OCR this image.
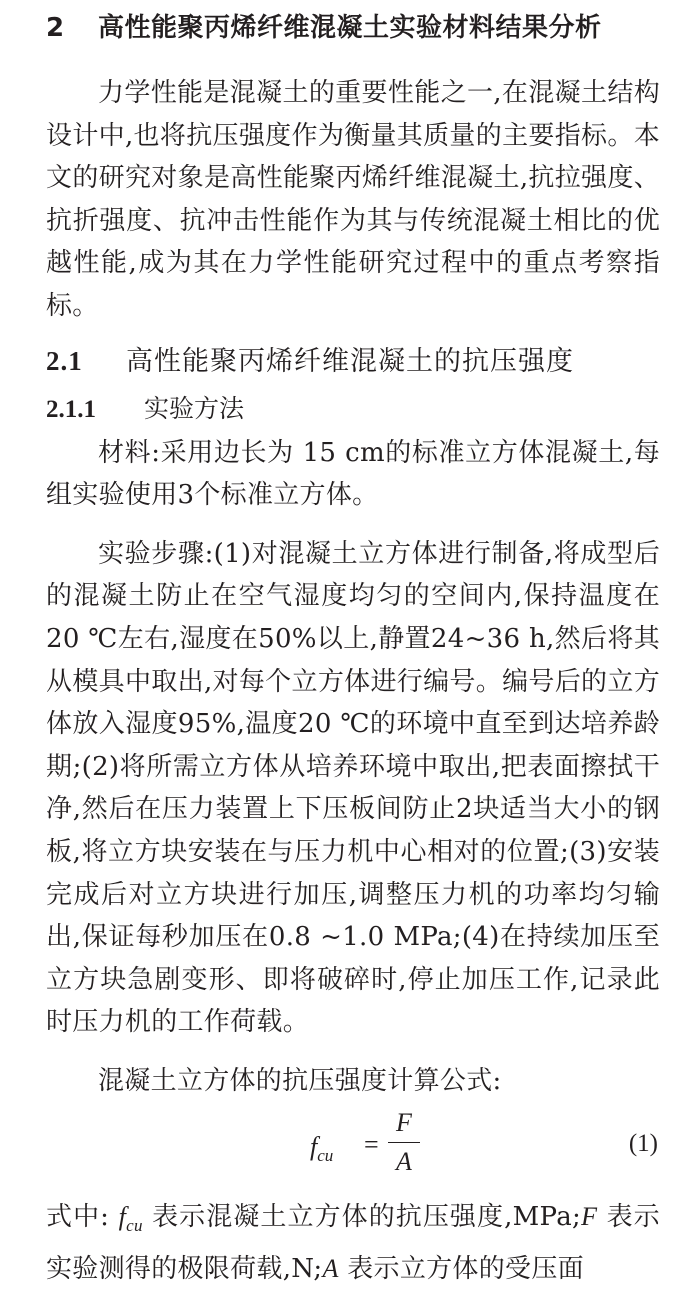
2 高性能聚丙烯纤维混凝土实验材料结果分析

力学性能是混凝土的重要性能之一,在混凝土结构设计中,也将抗压强度作为衡量其质量的主要指标。本文的研究对象是高性能聚丙烯纤维混凝土,抗拉强度、抗折强度、抗冲击性能作为其与传统混凝土相比的优越性能,成为其在力学性能研究过程中的重点考察指标。

2.1 高性能聚丙烯纤维混凝土的抗压强度
2.1.1 实验方法

材料:采用边长为 15 cm的标准立方体混凝土,每组实验使用3个标准立方体。

实验步骤:(1)对混凝土立方体进行制备,将成型后的混凝土防止在空气湿度均匀的空间内,保持温度在20 ℃左右,湿度在50%以上,静置24~36 h,然后将其从模具中取出,对每个立方体进行编号。编号后的立方体放入湿度95%,温度20 ℃的环境中直至到达培养龄期;(2)将所需立方体从培养环境中取出,把表面擦拭干净,然后在压力装置上下压板间防止2块适当大小的钢板,将立方块安装在与压力机中心相对的位置;(3)安装完成后对立方块进行加压,调整压力机的功率均匀输出,保证每秒加压在0.8 ~1.0 MPa;(4)在持续加压至立方块急剧变形、即将破碎时,停止加压工作,记录此时压力机的工作荷载。

混凝土立方体的抗压强度计算公式:

$f_{cu}$ =
F
A
(1)

式中: $f_{cu}$ 表示混凝土立方体的抗压强度,MPa;F 表示实验测得的极限荷载,N;A 表示立方体的受压面
